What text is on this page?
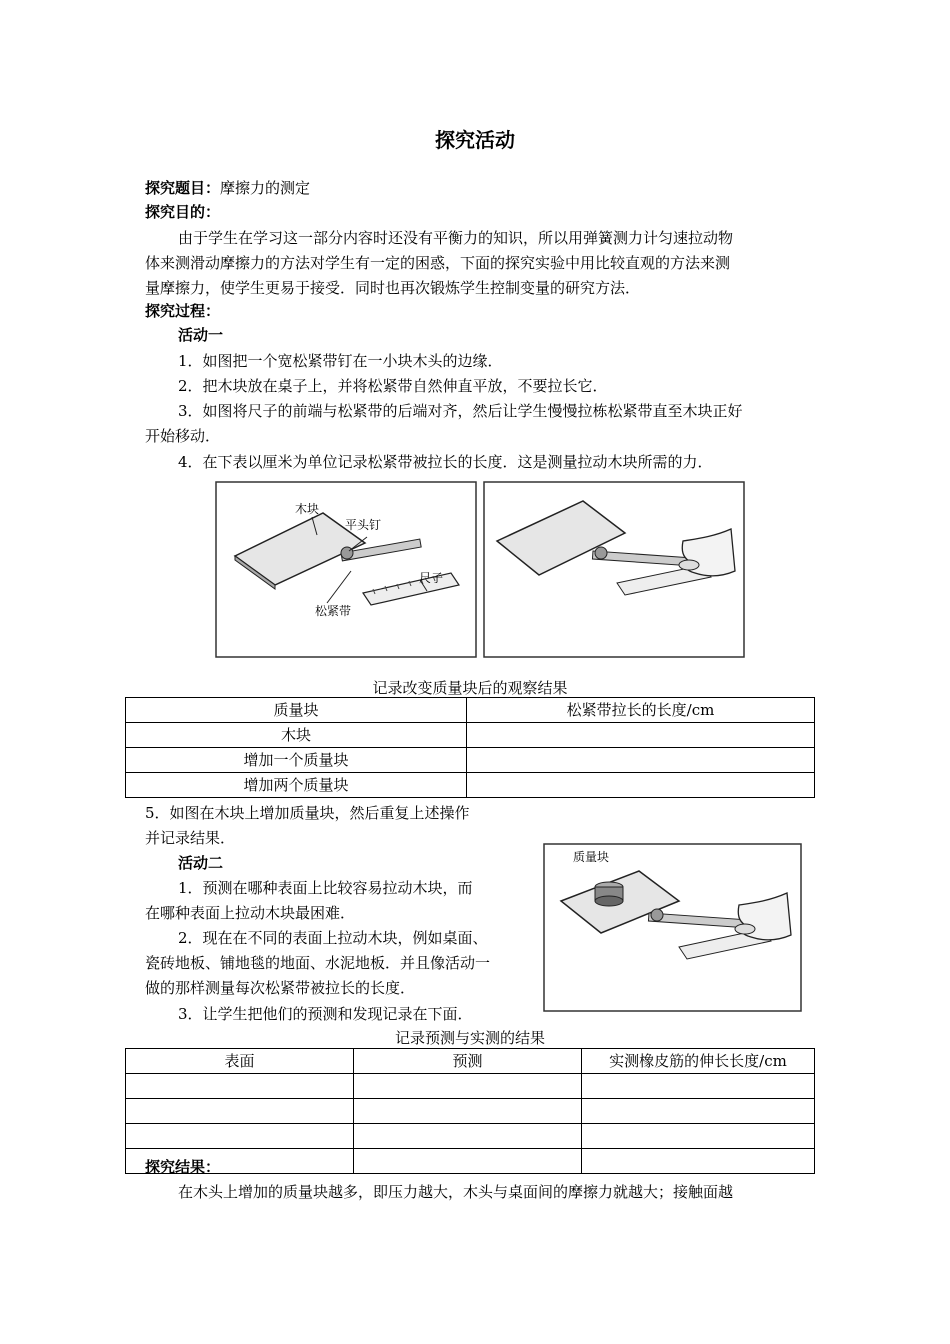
探究活动
探究题目：摩擦力的测定
探究目的：
由于学生在学习这一部分内容时还没有平衡力的知识，所以用弹簧测力计匀速拉动物
体来测滑动摩擦力的方法对学生有一定的困惑，下面的探究实验中用比较直观的方法来测
量摩擦力，使学生更易于接受．同时也再次锻炼学生控制变量的研究方法．
探究过程：
活动一
1．如图把一个宽松紧带钉在一小块木头的边缘．
2．把木块放在桌子上，并将松紧带自然伸直平放，不要拉长它．
3．如图将尺子的前端与松紧带的后端对齐，然后让学生慢慢拉栋松紧带直至木块正好
开始移动．
4．在下表以厘米为单位记录松紧带被拉长的长度．这是测量拉动木块所需的力．
木块
平头钉
松紧带
尺子
记录改变质量块后的观察结果
质量块	松紧带拉长的长度/cm
木块	
增加一个质量块	
增加两个质量块	
5．如图在木块上增加质量块，然后重复上述操作
并记录结果．
活动二
1．预测在哪种表面上比较容易拉动木块，而
在哪种表面上拉动木块最困难．
2．现在在不同的表面上拉动木块，例如桌面、
瓷砖地板、铺地毯的地面、水泥地板．并且像活动一
做的那样测量每次松紧带被拉长的长度．
3．让学生把他们的预测和发现记录在下面．
质量块
记录预测与实测的结果
表面	预测	实测橡皮筋的伸长长度/cm

探究结果：
在木头上增加的质量块越多，即压力越大，木头与桌面间的摩擦力就越大；接触面越
